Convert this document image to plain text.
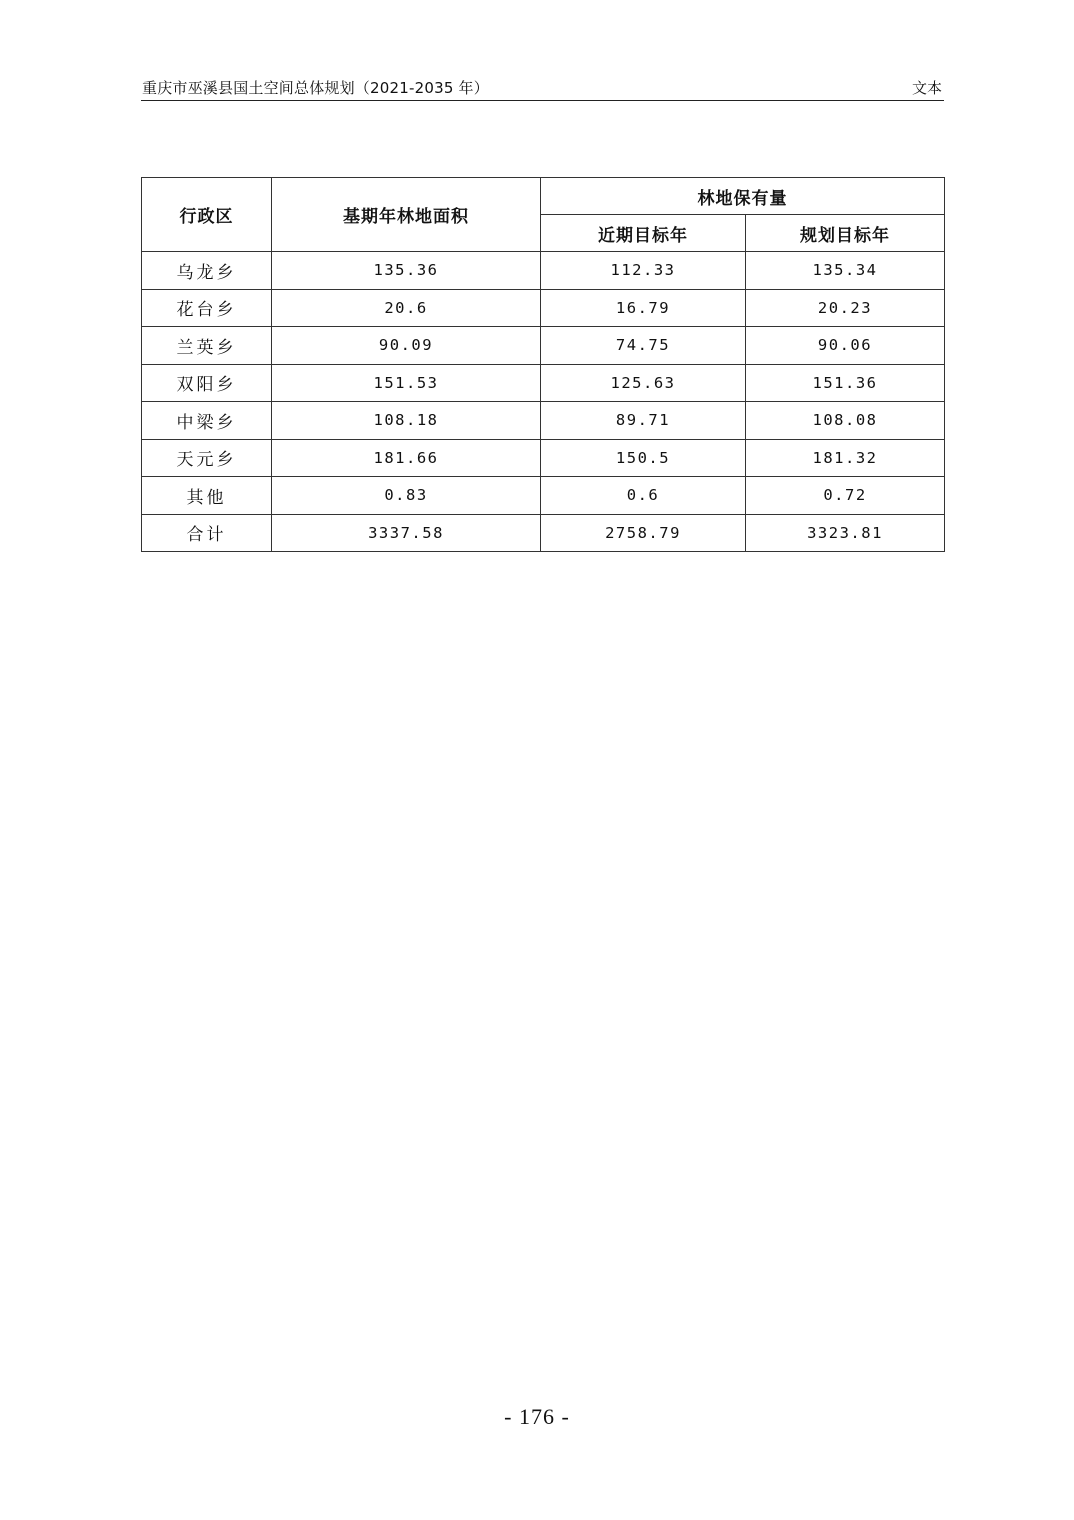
重庆市巫溪县国土空间总体规划（2021-2035 年）	文本
行政区	基期年林地面积	林地保有量	
		近期目标年	规划目标年
乌龙乡	135.36	112.33	135.34
花台乡	20.6	16.79	20.23
兰英乡	90.09	74.75	90.06
双阳乡	151.53	125.63	151.36
中梁乡	108.18	89.71	108.08
天元乡	181.66	150.5	181.32
其他	0.83	0.6	0.72
合计	3337.58	2758.79	3323.81
- 176 -
